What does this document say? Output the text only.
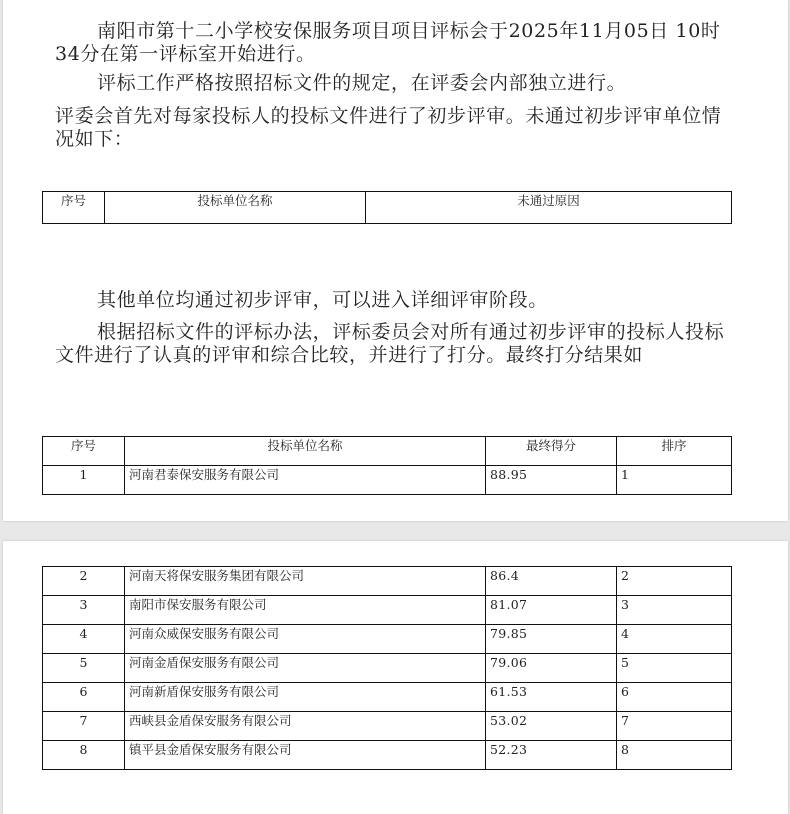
南阳市第十二小学校安保服务项目项目评标会于2025年11月05日 10时34分在第一评标室开始进行。

评标工作严格按照招标文件的规定，在评委会内部独立进行。

评委会首先对每家投标人的投标文件进行了初步评审。未通过初步评审单位情况如下：

序号	投标单位名称	未通过原因

其他单位均通过初步评审，可以进入详细评审阶段。

根据招标文件的评标办法，评标委员会对所有通过初步评审的投标人投标文件进行了认真的评审和综合比较，并进行了打分。最终打分结果如

序号	投标单位名称	最终得分	排序
1	河南君泰保安服务有限公司	88.95	1
2	河南天将保安服务集团有限公司	86.4	2
3	南阳市保安服务有限公司	81.07	3
4	河南众威保安服务有限公司	79.85	4
5	河南金盾保安服务有限公司	79.06	5
6	河南新盾保安服务有限公司	61.53	6
7	西峡县金盾保安服务有限公司	53.02	7
8	镇平县金盾保安服务有限公司	52.23	8
